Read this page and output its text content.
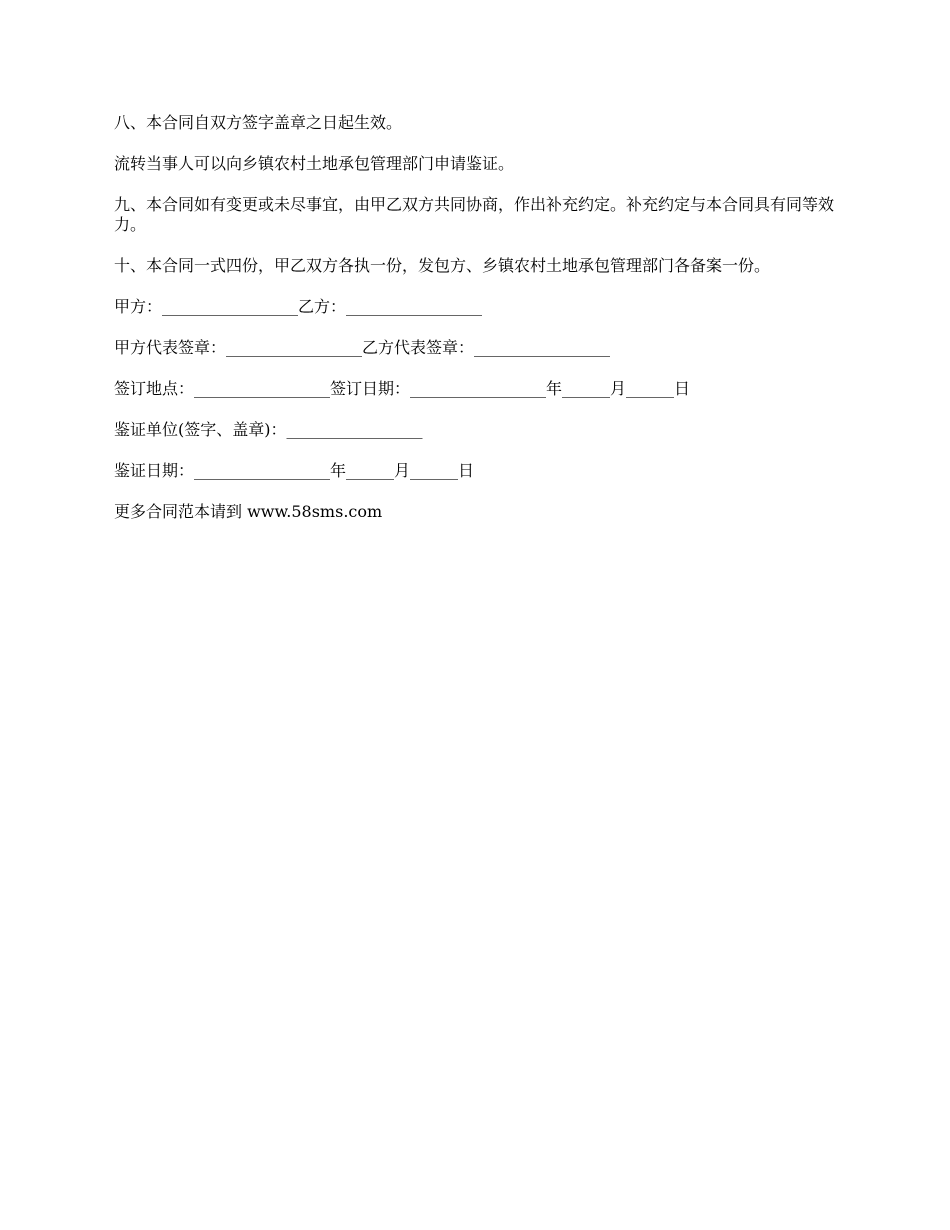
八、本合同自双方签字盖章之日起生效。

流转当事人可以向乡镇农村土地承包管理部门申请鉴证。

九、本合同如有变更或未尽事宜，由甲乙双方共同协商，作出补充约定。补充约定与本合同具有同等效力。

十、本合同一式四份，甲乙双方各执一份，发包方、乡镇农村土地承包管理部门各备案一份。

甲方：_________________乙方：_________________

甲方代表签章：_________________乙方代表签章：_________________

签订地点：_________________签订日期：_________________年______月______日

鉴证单位(签字、盖章)：_________________

鉴证日期：_________________年______月______日

更多合同范本请到 www.58sms.com
